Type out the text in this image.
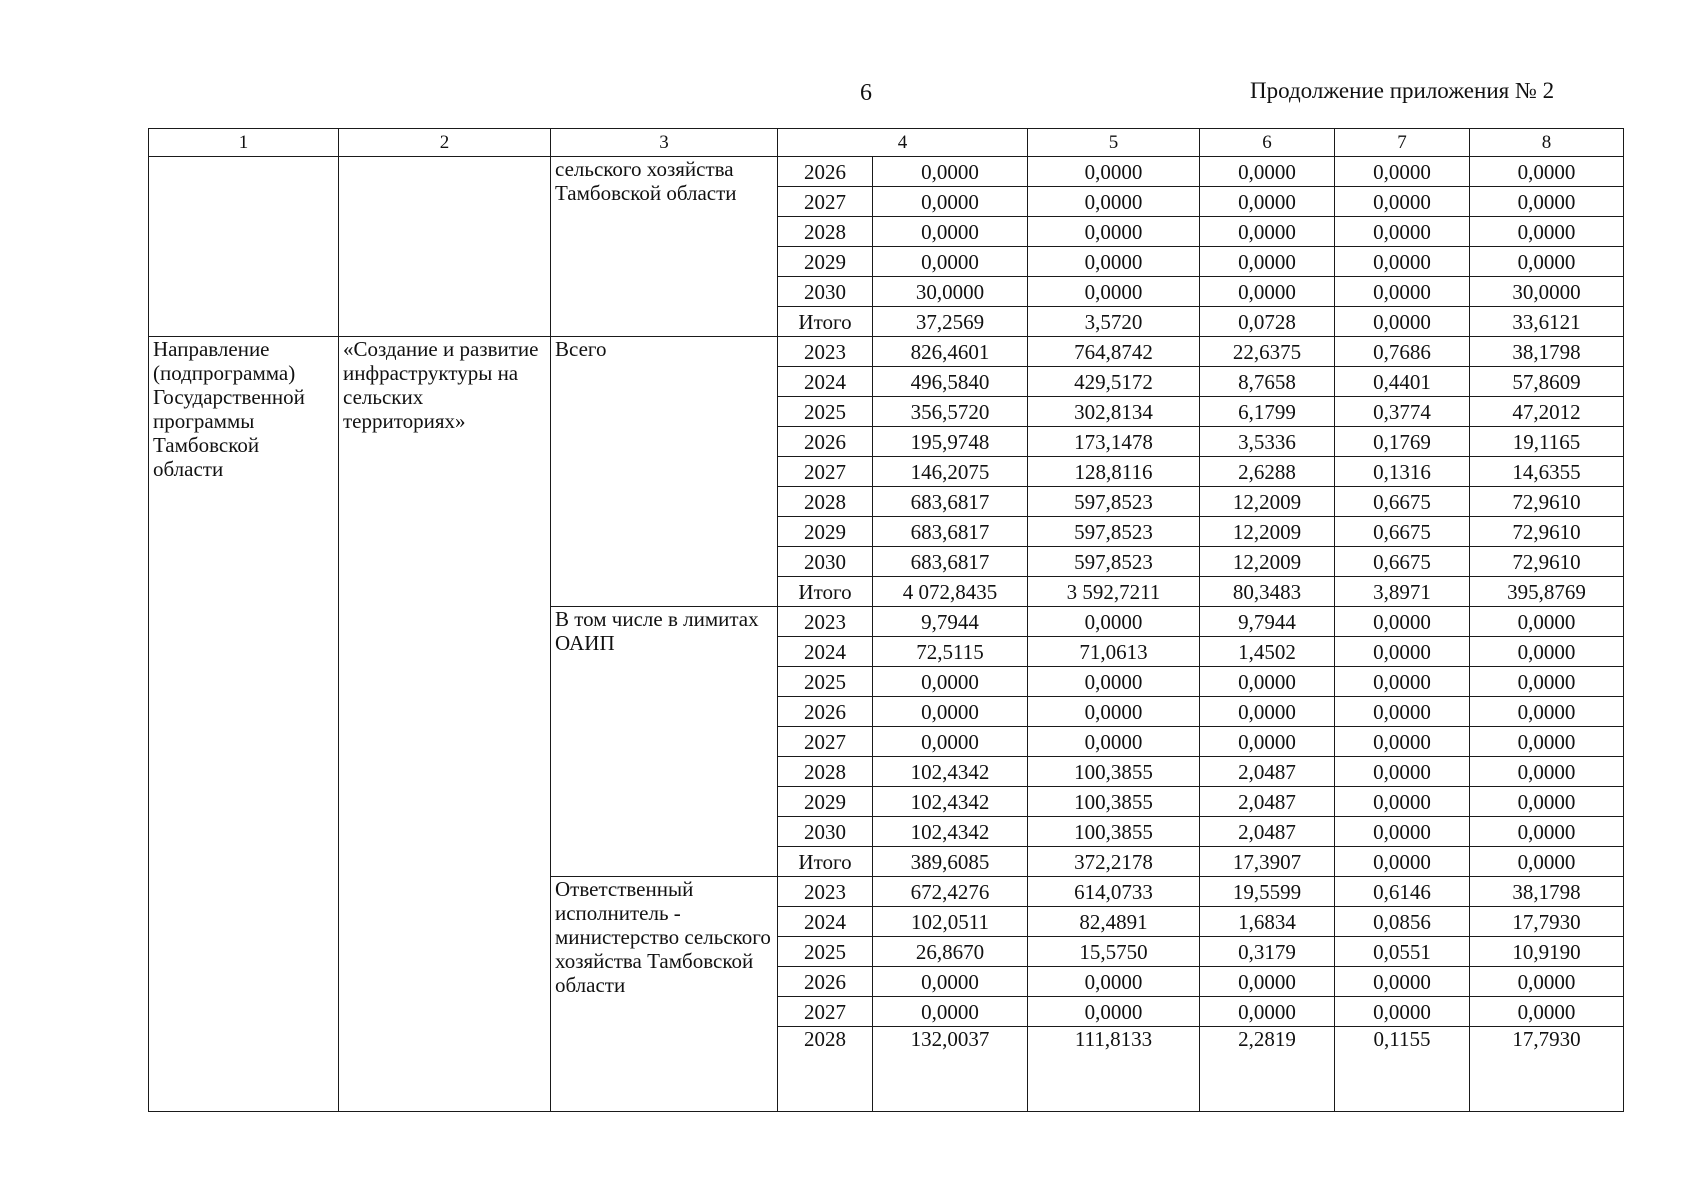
6	Продолжение приложения № 2
1	2	3	4		5	6	7	8
		сельского хозяйства Тамбовской области	2026	0,0000	0,0000	0,0000	0,0000	0,0000
			2027	0,0000	0,0000	0,0000	0,0000	0,0000
			2028	0,0000	0,0000	0,0000	0,0000	0,0000
			2029	0,0000	0,0000	0,0000	0,0000	0,0000
			2030	30,0000	0,0000	0,0000	0,0000	30,0000
			Итого	37,2569	3,5720	0,0728	0,0000	33,6121
Направление (подпрограмма) Государственной программы Тамбовской области	«Создание и развитие инфраструктуры на сельских территориях»	Всего	2023	826,4601	764,8742	22,6375	0,7686	38,1798
			2024	496,5840	429,5172	8,7658	0,4401	57,8609
			2025	356,5720	302,8134	6,1799	0,3774	47,2012
			2026	195,9748	173,1478	3,5336	0,1769	19,1165
			2027	146,2075	128,8116	2,6288	0,1316	14,6355
			2028	683,6817	597,8523	12,2009	0,6675	72,9610
			2029	683,6817	597,8523	12,2009	0,6675	72,9610
			2030	683,6817	597,8523	12,2009	0,6675	72,9610
			Итого	4 072,8435	3 592,7211	80,3483	3,8971	395,8769
		В том числе в лимитах ОАИП	2023	9,7944	0,0000	9,7944	0,0000	0,0000
			2024	72,5115	71,0613	1,4502	0,0000	0,0000
			2025	0,0000	0,0000	0,0000	0,0000	0,0000
			2026	0,0000	0,0000	0,0000	0,0000	0,0000
			2027	0,0000	0,0000	0,0000	0,0000	0,0000
			2028	102,4342	100,3855	2,0487	0,0000	0,0000
			2029	102,4342	100,3855	2,0487	0,0000	0,0000
			2030	102,4342	100,3855	2,0487	0,0000	0,0000
			Итого	389,6085	372,2178	17,3907	0,0000	0,0000
		Ответственный исполнитель - министерство сельского хозяйства Тамбовской области	2023	672,4276	614,0733	19,5599	0,6146	38,1798
			2024	102,0511	82,4891	1,6834	0,0856	17,7930
			2025	26,8670	15,5750	0,3179	0,0551	10,9190
			2026	0,0000	0,0000	0,0000	0,0000	0,0000
			2027	0,0000	0,0000	0,0000	0,0000	0,0000
			2028	132,0037	111,8133	2,2819	0,1155	17,7930
